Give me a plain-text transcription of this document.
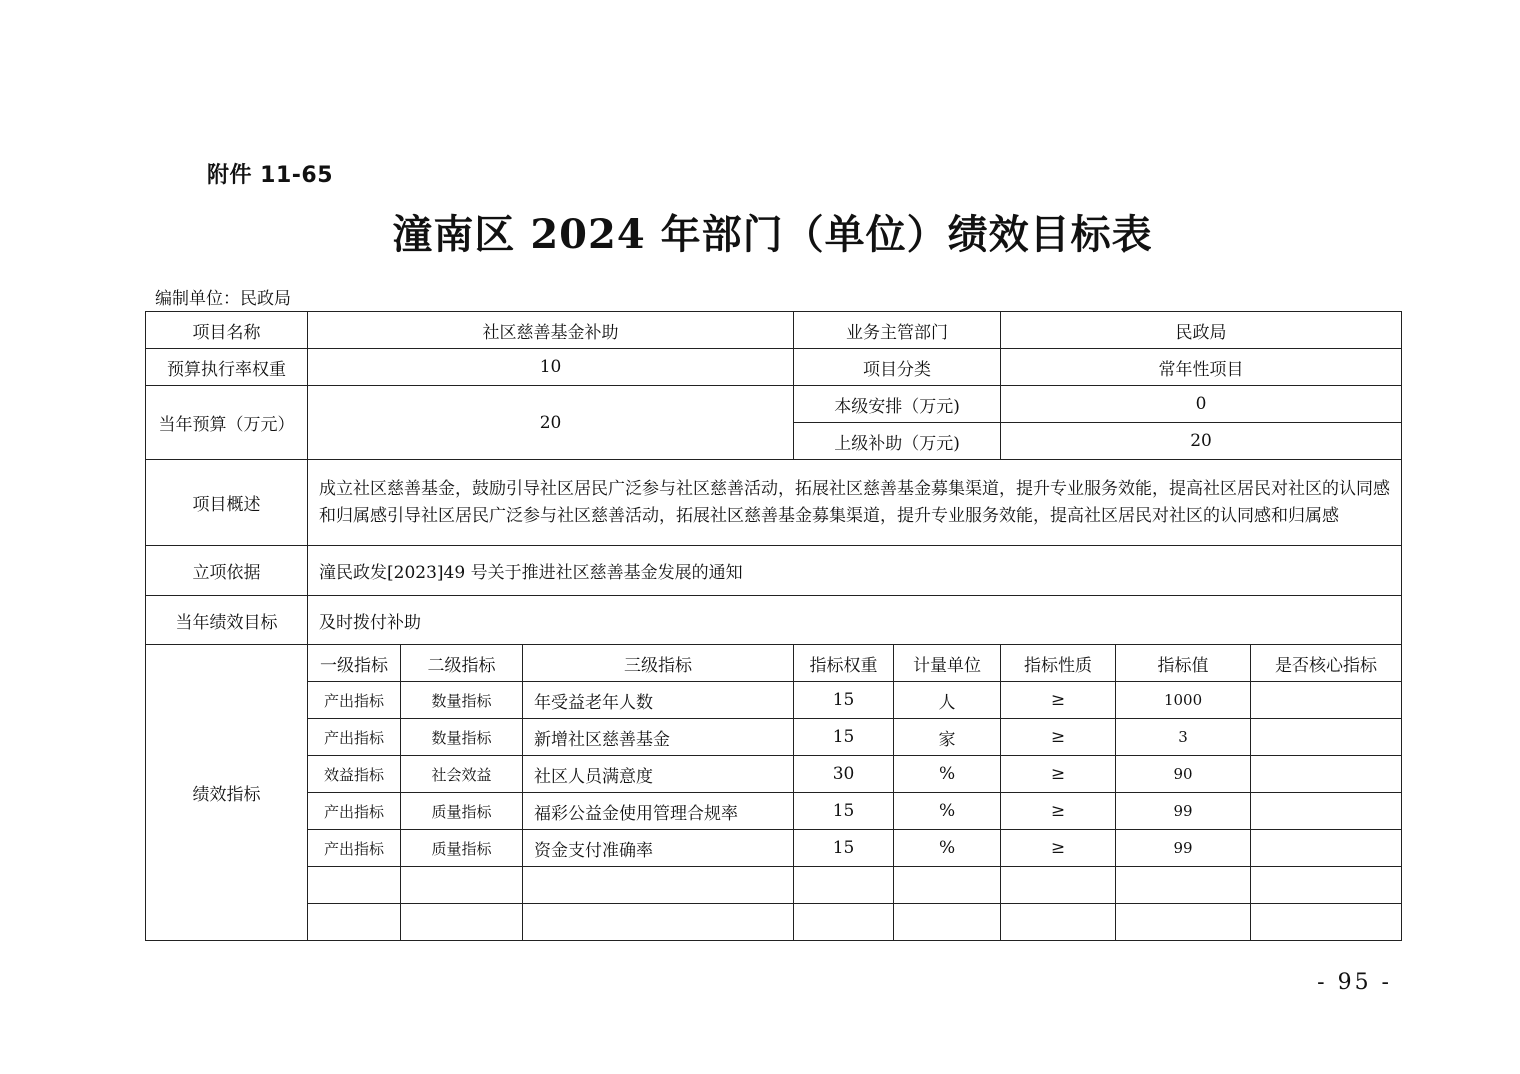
附件 11-65
潼南区 2024 年部门（单位）绩效目标表
编制单位：民政局
项目名称	社区慈善基金补助			业务主管部门		民政局		
预算执行率权重	10			项目分类		常年性项目		
当年预算（万元）	20			本级安排（万元)		0		
				上级补助（万元)		20		
项目概述	成立社区慈善基金，鼓励引导社区居民广泛参与社区慈善活动，拓展社区慈善基金募集渠道，提升专业服务效能，提高社区居民对社区的认同感和归属感引导社区居民广泛参与社区慈善活动，拓展社区慈善基金募集渠道，提升专业服务效能，提高社区居民对社区的认同感和归属感							
立项依据	潼民政发[2023]49 号关于推进社区慈善基金发展的通知							
当年绩效目标	及时拨付补助							
绩效指标	一级指标	二级指标	三级指标	指标权重	计量单位	指标性质	指标值	是否核心指标
	产出指标	数量指标	年受益老年人数	15	人	≥	1000	
	产出指标	数量指标	新增社区慈善基金	15	家	≥	3	
	效益指标	社会效益	社区人员满意度	30	%	≥	90	
	产出指标	质量指标	福彩公益金使用管理合规率	15	%	≥	99	
	产出指标	质量指标	资金支付准确率	15	%	≥	99	

- 95 -
